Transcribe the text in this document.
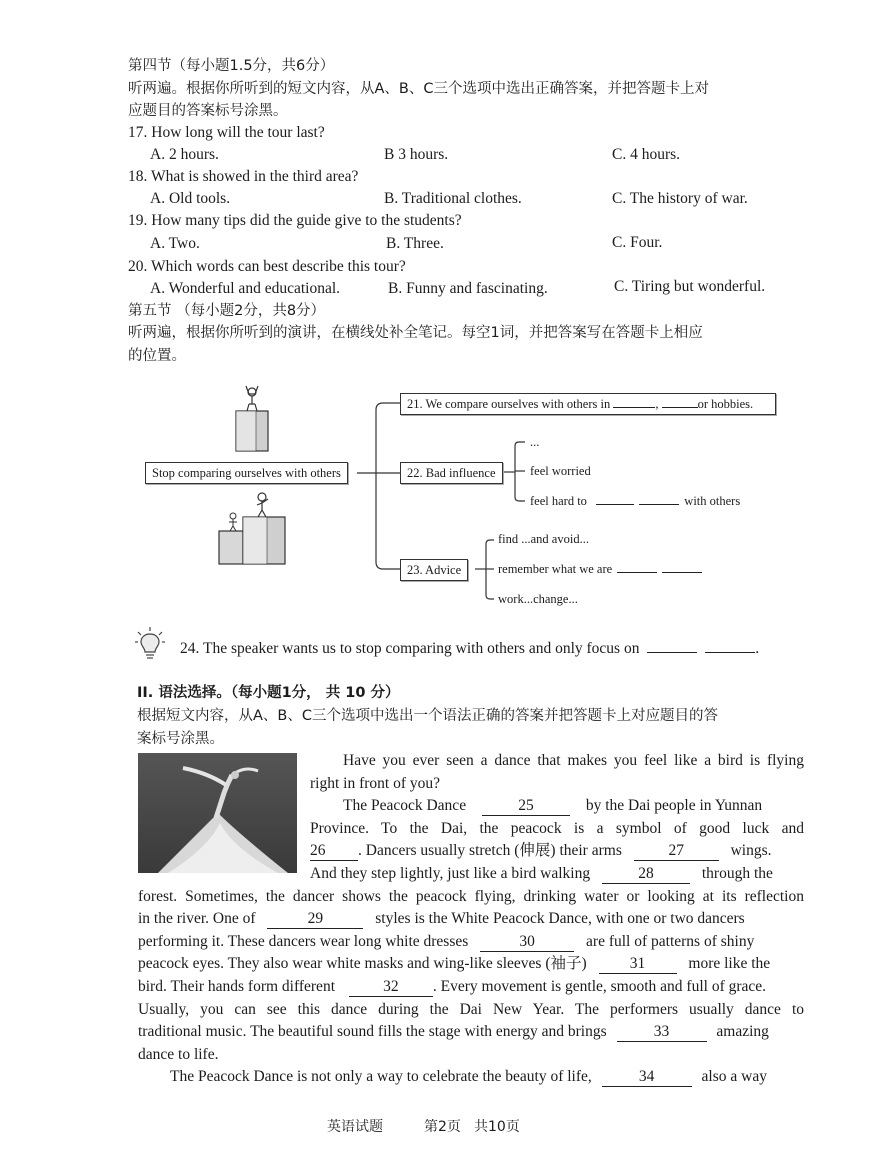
第四节（每小题1.5分，共6分）
听两遍。根据你所听到的短文内容，从A、B、C三个选项中选出正确答案，并把答题卡上对
应题目的答案标号涂黑。
17. How long will the tour last?
A. 2 hours.	B 3 hours.	C. 4 hours.
18. What is showed in the third area?
A. Old tools.	B. Traditional clothes.	C. The history of war.
19. How many tips did the guide give to the students?
A. Two.	B. Three.	C. Four.
20. Which words can best describe this tour?
A. Wonderful and educational.	B. Funny and fascinating.	C. Tiring but wonderful.
第五节 （每小题2分，共8分）
听两遍，根据你所听到的演讲，在横线处补全笔记。每空1词，并把答案写在答题卡上相应
的位置。
Stop comparing ourselves with others
21. We compare ourselves with others in	,	or hobbies.
22. Bad influence
...
feel worried
feel hard to	with others
23. Advice
find ...and avoid...
remember what we are
work...change...
24. The speaker wants us to stop comparing with others and only focus on	.
II. 语法选择。（每小题1分， 共 10 分）
根据短文内容，从A、B、C三个选项中选出一个语法正确的答案并把答题卡上对应题目的答
案标号涂黑。
Have you ever seen a dance that makes you feel like a bird is flying
right in front of you?
The Peacock Dance	25	by the Dai people in Yunnan
Province. To the Dai, the peacock is a symbol of good luck and
26 . Dancers usually stretch (伸展) their arms	27	wings.
And they step lightly, just like a bird walking	28	through the
forest. Sometimes, the dancer shows the peacock flying, drinking water or looking at its reflection
in the river. One of	29	styles is the White Peacock Dance, with one or two dancers
performing it. These dancers wear long white dresses	30	are full of patterns of shiny
peacock eyes. They also wear white masks and wing-like sleeves (袖子)	31	more like the
bird. Their hands form different	32 . Every movement is gentle, smooth and full of grace.
Usually, you can see this dance during the Dai New Year. The performers usually dance to
traditional music. The beautiful sound fills the stage with energy and brings	33	amazing
dance to life.
The Peacock Dance is not only a way to celebrate the beauty of life,	34	also a way
英语试题	第2页 共10页
